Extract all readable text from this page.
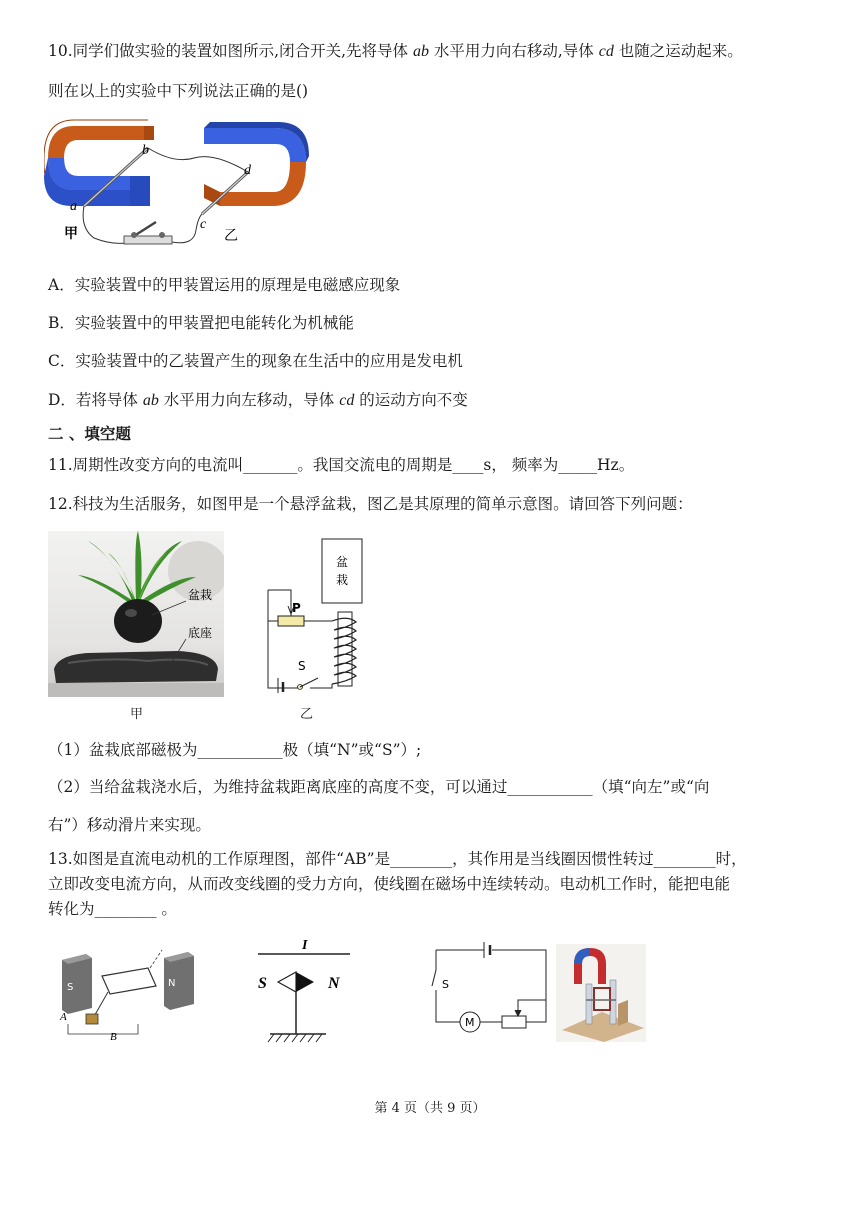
10.同学们做实验的装置如图所示,闭合开关,先将导体 ab 水平用力向右移动,导体 cd 也随之运动起来。
则在以上的实验中下列说法正确的是()
a
b
c
d
甲	乙
A．实验装置中的甲装置运用的原理是电磁感应现象
B．实验装置中的甲装置把电能转化为机械能
C．实验装置中的乙装置产生的现象在生活中的应用是发电机
D．若将导体 ab 水平用力向左移动，导体 cd 的运动方向不变
二 、填空题
11.周期性改变方向的电流叫_______。我国交流电的周期是____s， 频率为_____Hz。
12.科技为生活服务，如图甲是一个悬浮盆栽，图乙是其原理的简单示意图。请回答下列问题：
盆栽
底座
甲
盆
栽
P
S
乙
（1）盆栽底部磁极为___________极（填“N”或“S”）;
（2）当给盆栽浇水后，为维持盆栽距离底座的高度不变，可以通过___________（填“向左”或“向
右”）移动滑片来实现。
13.如图是直流电动机的工作原理图，部件“AB”是________，其作用是当线圈因惯性转过________时，
立即改变电流方向，从而改变线圈的受力方向，使线圈在磁场中连续转动。电动机工作时，能把电能
转化为________ 。
S	N
A
B
I
S	N	S
M
第 4 页（共 9 页）
